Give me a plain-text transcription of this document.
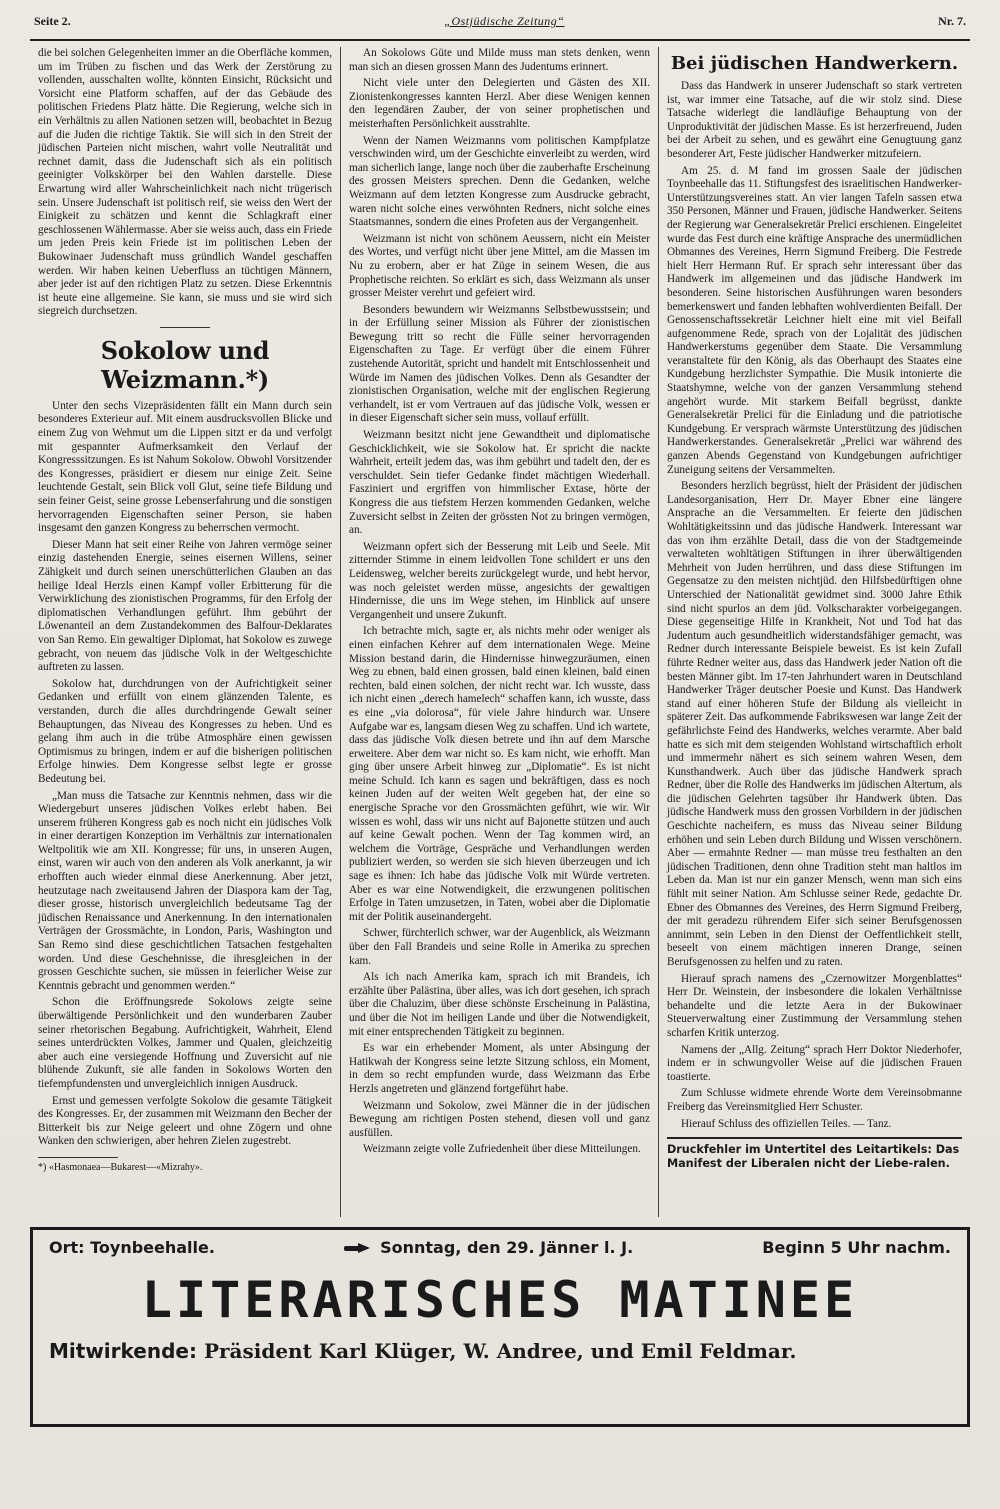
Seite 2.	„Ostjüdische Zeitung“	Nr. 7.

die bei solchen Gelegenheiten immer an die Oberfläche kommen, um im Trüben zu fischen und das Werk der Zerstörung zu vollenden, ausschalten wollte, könnten Einsicht, Rücksicht und Vorsicht eine Platform schaffen, auf der das Gebäude des politischen Friedens Platz hätte. Die Regierung, welche sich in ein Verhältnis zu allen Nationen setzen will, beobachtet in Bezug auf die Juden die richtige Taktik. Sie will sich in den Streit der jüdischen Parteien nicht mischen, wahrt volle Neutralität und rechnet damit, dass die Judenschaft sich als ein politisch geeinigter Volkskörper bei den Wahlen darstelle. Diese Erwartung wird aller Wahrscheinlichkeit nach nicht trügerisch sein. Unsere Judenschaft ist politisch reif, sie weiss den Wert der Einigkeit zu schätzen und kennt die Schlagkraft einer geschlossenen Wählermasse. Aber sie weiss auch, dass ein Friede um jeden Preis kein Friede ist im politischen Leben der Bukowinaer Judenschaft muss gründlich Wandel geschaffen werden. Wir haben keinen Ueberfluss an tüchtigen Männern, aber jeder ist auf den richtigen Platz zu setzen. Diese Erkenntnis ist heute eine allgemeine. Sie kann, sie muss und sie wird sich siegreich durchsetzen.

Sokolow und Weizmann.*)

Unter den sechs Vizepräsidenten fällt ein Mann durch sein besonderes Exterieur auf. Mit einem ausdrucksvollen Blicke und einem Zug von Wehmut um die Lippen sitzt er da und verfolgt mit gespannter Aufmerksamkeit den Verlauf der Kongresssitzungen. Es ist Nahum Sokolow. Obwohl Vorsitzender des Kongresses, präsidiert er diesem nur einige Zeit. Seine leuchtende Gestalt, sein Blick voll Glut, seine tiefe Bildung und sein feiner Geist, seine grosse Lebenserfahrung und die sonstigen hervorragenden Eigenschaften seiner Person, sie haben insgesamt den ganzen Kongress zu beherrschen vermocht.

Dieser Mann hat seit einer Reihe von Jahren vermöge seiner einzig dastehenden Energie, seines eisernen Willens, seiner Zähigkeit und durch seinen unerschütterlichen Glauben an das heilige Ideal Herzls einen Kampf voller Erbitterung für die Verwirklichung des zionistischen Programms, für den Erfolg der diplomatischen Verhandlungen geführt. Ihm gebührt der Löwenanteil an dem Zustandekommen des Balfour-Deklarates von San Remo. Ein gewaltiger Diplomat, hat Sokolow es zuwege gebracht, von neuem das jüdische Volk in der Weltgeschichte auftreten zu lassen.

Sokolow hat, durchdrungen von der Aufrichtigkeit seiner Gedanken und erfüllt von einem glänzenden Talente, es verstanden, durch die alles durchdringende Gewalt seiner Behauptungen, das Niveau des Kongresses zu heben. Und es gelang ihm auch in die trübe Atmosphäre einen gewissen Optimismus zu bringen, indem er auf die bisherigen politischen Erfolge hinwies. Dem Kongresse selbst legte er grosse Bedeutung bei.

„Man muss die Tatsache zur Kenntnis nehmen, dass wir die Wiedergeburt unseres jüdischen Volkes erlebt haben. Bei unserem früheren Kongress gab es noch nicht ein jüdisches Volk in einer derartigen Konzeption im Verhältnis zur internationalen Weltpolitik wie am XII. Kongresse; für uns, in unseren Augen, einst, waren wir auch von den anderen als Volk anerkannt, ja wir erhofften auch wieder einmal diese Anerkennung. Aber jetzt, heutzutage nach zweitausend Jahren der Diaspora kam der Tag, dieser grosse, historisch unvergleichlich bedeutsame Tag der jüdischen Renaissance und Anerkennung. In den internationalen Verträgen der Grossmächte, in London, Paris, Washington und San Remo sind diese geschichtlichen Tatsachen festgehalten worden. Und diese Geschehnisse, die ihresgleichen in der grossen Geschichte suchen, sie müssen in feierlicher Weise zur Kenntnis gebracht und genommen werden.“

Schon die Eröffnungsrede Sokolows zeigte seine überwältigende Persönlichkeit und den wunderbaren Zauber seiner rhetorischen Begabung. Aufrichtigkeit, Wahrheit, Elend seines unterdrückten Volkes, Jammer und Qualen, gleichzeitig aber auch eine versiegende Hoffnung und Zuversicht auf nie blühende Zukunft, sie alle fanden in Sokolows Worten den tiefempfundensten und unvergleichlich innigen Ausdruck.

Ernst und gemessen verfolgte Sokolow die gesamte Tätigkeit des Kongresses. Er, der zusammen mit Weizmann den Becher der Bitterkeit bis zur Neige geleert und ohne Zögern und ohne Wanken den schwierigen, aber hehren Zielen zugestrebt.

*) «Hasmonaea—Bukarest—«Mizrahy».

An Sokolows Güte und Milde muss man stets denken, wenn man sich an diesen grossen Mann des Judentums erinnert.

Nicht viele unter den Delegierten und Gästen des XII. Zionistenkongresses kannten Herzl. Aber diese Wenigen kennen den legendären Zauber, der von seiner prophetischen und meisterhaften Persönlichkeit ausstrahlte.

Wenn der Namen Weizmanns vom politischen Kampfplatze verschwinden wird, um der Geschichte einverleibt zu werden, wird man sicherlich lange, lange noch über die zauberhafte Erscheinung des grossen Meisters sprechen. Denn die Gedanken, welche Weizmann auf dem letzten Kongresse zum Ausdrucke gebracht, waren nicht solche eines verwöhnten Redners, nicht solche eines Staatsmannes, sondern die eines Profeten aus der Vergangenheit.

Weizmann ist nicht von schönem Aeussern, nicht ein Meister des Wortes, und verfügt nicht über jene Mittel, am die Massen im Nu zu erobern, aber er hat Züge in seinem Wesen, die aus Prophetische reichten. So erklärt es sich, dass Weizmann als unser grosser Meister verehrt und gefeiert wird.

Besonders bewundern wir Weizmanns Selbstbewusstsein; und in der Erfüllung seiner Mission als Führer der zionistischen Bewegung tritt so recht die Fülle seiner hervorragenden Eigenschaften zu Tage. Er verfügt über die einem Führer zustehende Autorität, spricht und handelt mit Entschlossenheit und Würde im Namen des jüdischen Volkes. Denn als Gesandter der zionistischen Organisation, welche mit der englischen Regierung verhandelt, ist er vom Vertrauen auf das jüdische Volk, wessen er in dieser Eigenschaft sicher sein muss, vollauf erfüllt.

Weizmann besitzt nicht jene Gewandtheit und diplomatische Geschicklichkeit, wie sie Sokolow hat. Er spricht die nackte Wahrheit, erteilt jedem das, was ihm gebührt und tadelt den, der es verschuldet. Sein tiefer Gedanke findet mächtigen Wiederhall. Fasziniert und ergriffen von himmlischer Extase, hörte der Kongress die aus tiefstem Herzen kommenden Gedanken, welche Zuversicht selbst in Zeiten der grössten Not zu bringen vermögen, an.

Weizmann opfert sich der Besserung mit Leib und Seele. Mit zitternder Stimme in einem leidvollen Tone schildert er uns den Leidensweg, welcher bereits zurückgelegt wurde, und hebt hervor, was noch geleistet werden müsse, angesichts der gewaltigen Hindernisse, die uns im Wege stehen, im Hinblick auf unsere Vergangenheit und unsere Zukunft.

Ich betrachte mich, sagte er, als nichts mehr oder weniger als einen einfachen Kehrer auf dem internationalen Wege. Meine Mission bestand darin, die Hindernisse hinwegzuräumen, einen Weg zu ebnen, bald einen grossen, bald einen kleinen, bald einen rechten, bald einen solchen, der nicht recht war. Ich wusste, dass ich nicht einen „derech hamelech“ schaffen kann, ich wusste, dass es eine „via dolorosa“, für viele Jahre hindurch war. Unsere Aufgabe war es, langsam diesen Weg zu schaffen. Und ich wartete, dass das jüdische Volk diesen betrete und ihn auf dem Marsche erweitere. Aber dem war nicht so. Es kam nicht, wie erhofft. Man ging über unsere Arbeit hinweg zur „Diplomatie“. Es ist nicht meine Schuld. Ich kann es sagen und bekräftigen, dass es noch keinen Juden auf der weiten Welt gegeben hat, der eine so energische Sprache vor den Grossmächten geführt, wie wir. Wir wissen es wohl, dass wir uns nicht auf Bajonette stützen und auch auf keine Gewalt pochen. Wenn der Tag kommen wird, an welchem die Vorträge, Gespräche und Verhandlungen werden publiziert werden, so werden sie sich hieven überzeugen und ich sage es ihnen: Ich habe das jüdische Volk mit Würde vertreten. Aber es war eine Notwendigkeit, die erzwungenen politischen Erfolge in Taten umzusetzen, in Taten, wobei aber die Diplomatie mit der Politik auseinandergeht.

Schwer, fürchterlich schwer, war der Augenblick, als Weizmann über den Fall Brandeis und seine Rolle in Amerika zu sprechen kam.

Als ich nach Amerika kam, sprach ich mit Brandeis, ich erzählte über Palästina, über alles, was ich dort gesehen, ich sprach über die Chaluzim, über diese schönste Erscheinung in Palästina, und über die Not im heiligen Lande und über die Notwendigkeit, mit einer entsprechenden Tätigkeit zu beginnen.

Es war ein erhebender Moment, als unter Absingung der Hatikwah der Kongress seine letzte Sitzung schloss, ein Moment, in dem so recht empfunden wurde, dass Weizmann das Erbe Herzls angetreten und glänzend fortgeführt habe.

Weizmann und Sokolow, zwei Männer die in der jüdischen Bewegung am richtigen Posten stehend, diesen voll und ganz ausfüllen.

Weizmann zeigte volle Zufriedenheit über diese Mitteilungen.

Bei jüdischen Handwerkern.

Dass das Handwerk in unserer Judenschaft so stark vertreten ist, war immer eine Tatsache, auf die wir stolz sind. Diese Tatsache widerlegt die landläufige Behauptung von der Unproduktivität der jüdischen Masse. Es ist herzerfreuend, Juden bei der Arbeit zu sehen, und es gewährt eine Genugtuung ganz besonderer Art, Feste jüdischer Handwerker mitzufeiern.

Am 25. d. M fand im grossen Saale der jüdischen Toynbeehalle das 11. Stiftungsfest des israelitischen Handwerker-Unterstützungsvereines statt. An vier langen Tafeln sassen etwa 350 Personen, Männer und Frauen, jüdische Handwerker. Seitens der Regierung war Generalsekretär Prelici erschienen. Eingeleitet wurde das Fest durch eine kräftige Ansprache des unermüdlichen Obmannes des Vereines, Herrn Sigmund Freiberg. Die Festrede hielt Herr Hermann Ruf. Er sprach sehr interessant über das Handwerk im allgemeinen und das jüdische Handwerk im besonderen. Seine historischen Ausführungen waren besonders bemerkenswert und fanden lebhaften wohlverdienten Beifall. Der Genossenschaftssekretär Leichner hielt eine mit viel Beifall aufgenommene Rede, sprach von der Lojalität des jüdischen Handwerkerstums gegenüber dem Staate. Die Versammlung veranstaltete für den König, als das Oberhaupt des Staates eine Kundgebung herzlichster Sympathie. Die Musik intonierte die Staatshymne, welche von der ganzen Versammlung stehend angehört wurde. Mit starkem Beifall begrüsst, dankte Generalsekretär Prelici für die Einladung und die patriotische Kundgebung. Er versprach wärmste Unterstützung des jüdischen Handwerkerstandes. Generalsekretär „Prelici war während des ganzen Abends Gegenstand von Kundgebungen aufrichtiger Zuneigung seitens der Versammelten.

Besonders herzlich begrüsst, hielt der Präsident der jüdischen Landesorganisation, Herr Dr. Mayer Ebner eine längere Ansprache an die Versammelten. Er feierte den jüdischen Wohltätigkeitssinn und das jüdische Handwerk. Interessant war das von ihm erzählte Detail, dass die von der Stadtgemeinde verwalteten wohltätigen Stiftungen in ihrer überwältigenden Mehrheit von Juden herrühren, und dass diese Stiftungen im Gegensatze zu den meisten nichtjüd. den Hilfsbedürftigen ohne Unterschied der Nationalität gewidmet sind. 3000 Jahre Ethik sind nicht spurlos an dem jüd. Volkscharakter vorbeigegangen. Diese gegenseitige Hilfe in Krankheit, Not und Tod hat das Judentum auch gesundheitlich widerstandsfähiger gemacht, was Redner durch interessante Beispiele beweist. Es ist kein Zufall führte Redner weiter aus, dass das Handwerk jeder Nation oft die besten Männer gibt. Im 17-ten Jahrhundert waren in Deutschland Handwerker Träger deutscher Poesie und Kunst. Das Handwerk stand auf einer höheren Stufe der Bildung als vielleicht in späterer Zeit. Das aufkommende Fabrikswesen war lange Zeit der gefährlichste Feind des Handwerks, welches verarmte. Aber bald hatte es sich mit dem steigenden Wohlstand wirtschaftlich erholt und immermehr nähert es sich seinem wahren Wesen, dem Kunsthandwerk. Auch über das jüdische Handwerk sprach Redner, über die Rolle des Handwerks im jüdischen Altertum, als die jüdischen Gelehrten tagsüber ihr Handwerk übten. Das jüdische Handwerk muss den grossen Vorbildern in der jüdischen Geschichte nacheifern, es muss das Niveau seiner Bildung erhöhen und sein Leben durch Bildung und Wissen verschönern. Aber — ermahnte Redner — man müsse treu festhalten an den jüdischen Traditionen, denn ohne Tradition steht man haltlos im Leben da. Man ist nur ein ganzer Mensch, wenn man sich eins fühlt mit seiner Nation. Am Schlusse seiner Rede, gedachte Dr. Ebner des Obmannes des Vereines, des Herrn Sigmund Freiberg, der mit geradezu rührendem Eifer sich seiner Berufsgenossen annimmt, sein Leben in den Dienst der Oeffentlichkeit stellt, beseelt von einem mächtigen inneren Drange, seinen Berufsgenossen zu helfen und zu raten.

Hierauf sprach namens des „Czernowitzer Morgenblattes“ Herr Dr. Weinstein, der insbesondere die lokalen Verhältnisse behandelte und die letzte Aera in der Bukowinaer Steuerverwaltung einer Zustimmung der Versammlung stehen scharfen Kritik unterzog.

Namens der „Allg. Zeitung“ sprach Herr Doktor Niederhofer, indem er in schwungvoller Weise auf die jüdischen Frauen toastierte.

Zum Schlusse widmete ehrende Worte dem Vereinsobmanne Freiberg das Vereinsmitglied Herr Schuster.

Hierauf Schluss des offiziellen Teiles. — Tanz.

Druckfehler im Untertitel des Leitartikels: Das Manifest der Liberalen nicht der Liebe-ralen.
Ort: Toynbeehalle.	Sonntag, den 29. Jänner l. J.	Beginn 5 Uhr nachm.
LITERARISCHES MATINEE
Mitwirkende: Präsident Karl Klüger, W. Andree, und Emil Feldmar.
